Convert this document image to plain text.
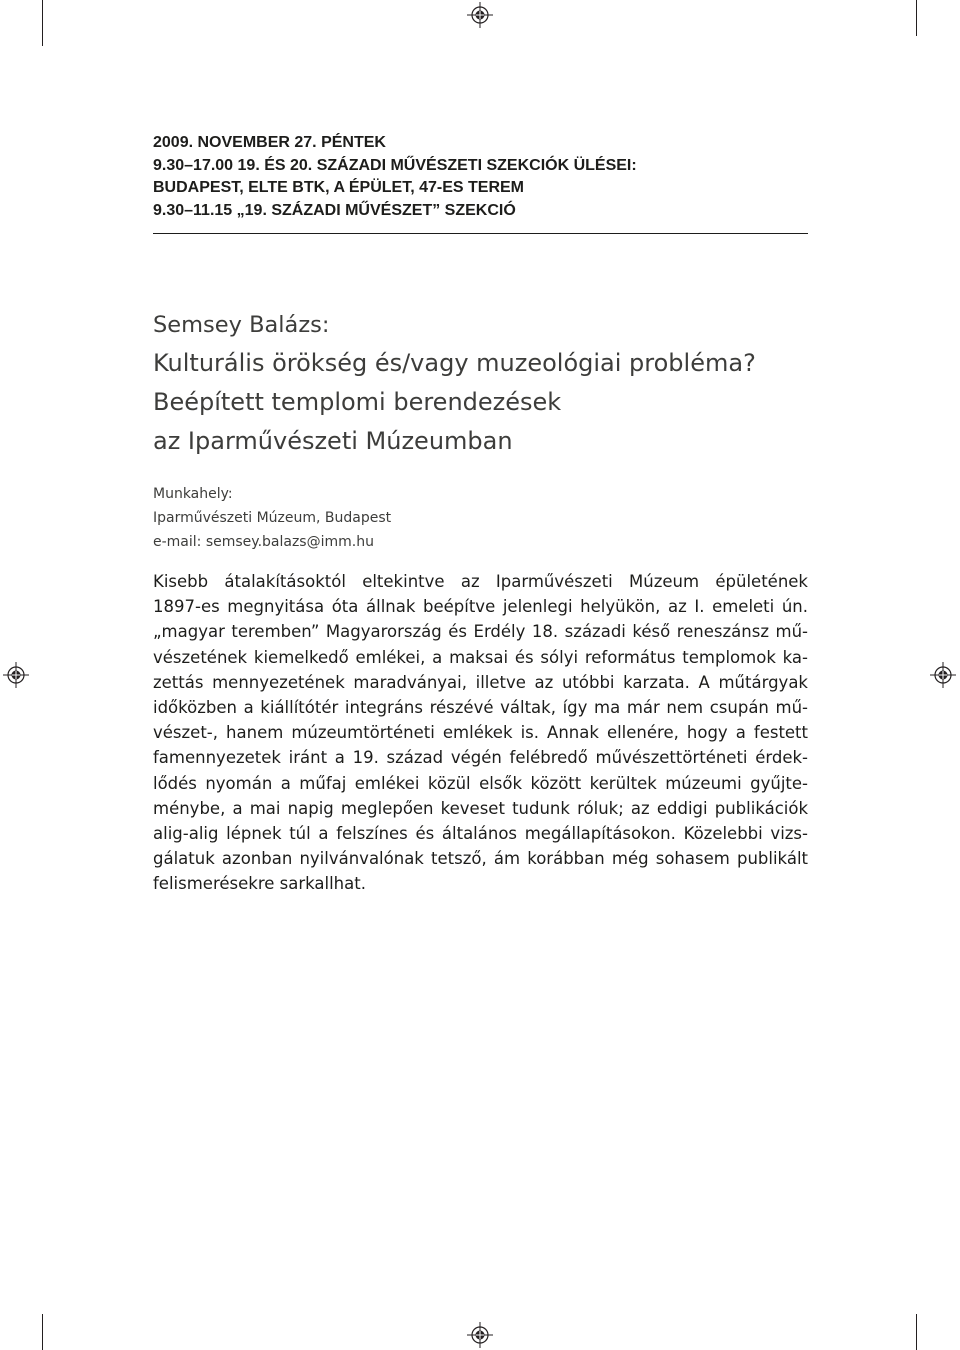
2009. NOVEMBER 27. PÉNTEK
9.30–17.00 19. ÉS 20. SZÁZADI MŰVÉSZETI SZEKCIÓK ÜLÉSEI:
BUDAPEST, ELTE BTK, A ÉPÜLET, 47-ES TEREM
9.30–11.15 „19. SZÁZADI MŰVÉSZET” SZEKCIÓ
Semsey Balázs:
Kulturális örökség és/vagy muzeológiai probléma?
Beépített templomi berendezések
az Iparművészeti Múzeumban
Munkahely:
Iparművészeti Múzeum, Budapest
e-mail: semsey.balazs@imm.hu
Kisebb átalakításoktól eltekintve az Iparművészeti Múzeum épületének
1897-es megnyitása óta állnak beépítve jelenlegi helyükön, az I. emeleti ún.
„magyar teremben” Magyarország és Erdély 18. századi késő reneszánsz mű-
vészetének kiemelkedő emlékei, a maksai és sólyi református templomok ka-
zettás mennyezetének maradványai, illetve az utóbbi karzata. A műtárgyak
időközben a kiállítótér integráns részévé váltak, így ma már nem csupán mű-
vészet-, hanem múzeumtörténeti emlékek is. Annak ellenére, hogy a festett
famennyezetek iránt a 19. század végén felébredő művészettörténeti érdek-
lődés nyomán a műfaj emlékei közül elsők között kerültek múzeumi gyűjte-
ménybe, a mai napig meglepően keveset tudunk róluk; az eddigi publikációk
alig-alig lépnek túl a felszínes és általános megállapításokon. Közelebbi vizs-
gálatuk azonban nyilvánvalónak tetsző, ám korábban még sohasem publikált
felismerésekre sarkallhat.
